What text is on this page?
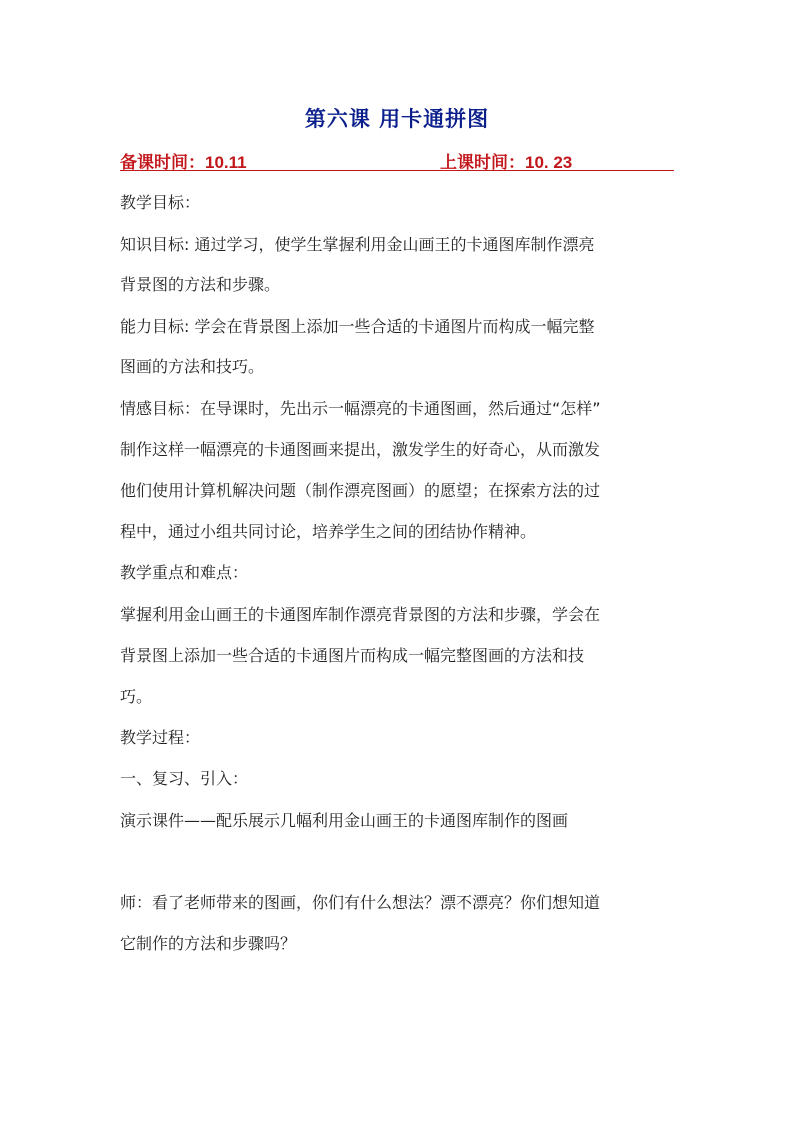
第六课 用卡通拼图
备课时间：10.11	上课时间：10. 23
教学目标：
知识目标: 通过学习，使学生掌握利用金山画王的卡通图库制作漂亮
背景图的方法和步骤。
能力目标: 学会在背景图上添加一些合适的卡通图片而构成一幅完整
图画的方法和技巧。
情感目标：在导课时，先出示一幅漂亮的卡通图画，然后通过“怎样”
制作这样一幅漂亮的卡通图画来提出，激发学生的好奇心，从而激发
他们使用计算机解决问题（制作漂亮图画）的愿望；在探索方法的过
程中，通过小组共同讨论，培养学生之间的团结协作精神。
教学重点和难点：
掌握利用金山画王的卡通图库制作漂亮背景图的方法和步骤，学会在
背景图上添加一些合适的卡通图片而构成一幅完整图画的方法和技
巧。
教学过程：
一、复习、引入：
演示课件——配乐展示几幅利用金山画王的卡通图库制作的图画
师：看了老师带来的图画，你们有什么想法？漂不漂亮？你们想知道
它制作的方法和步骤吗？
